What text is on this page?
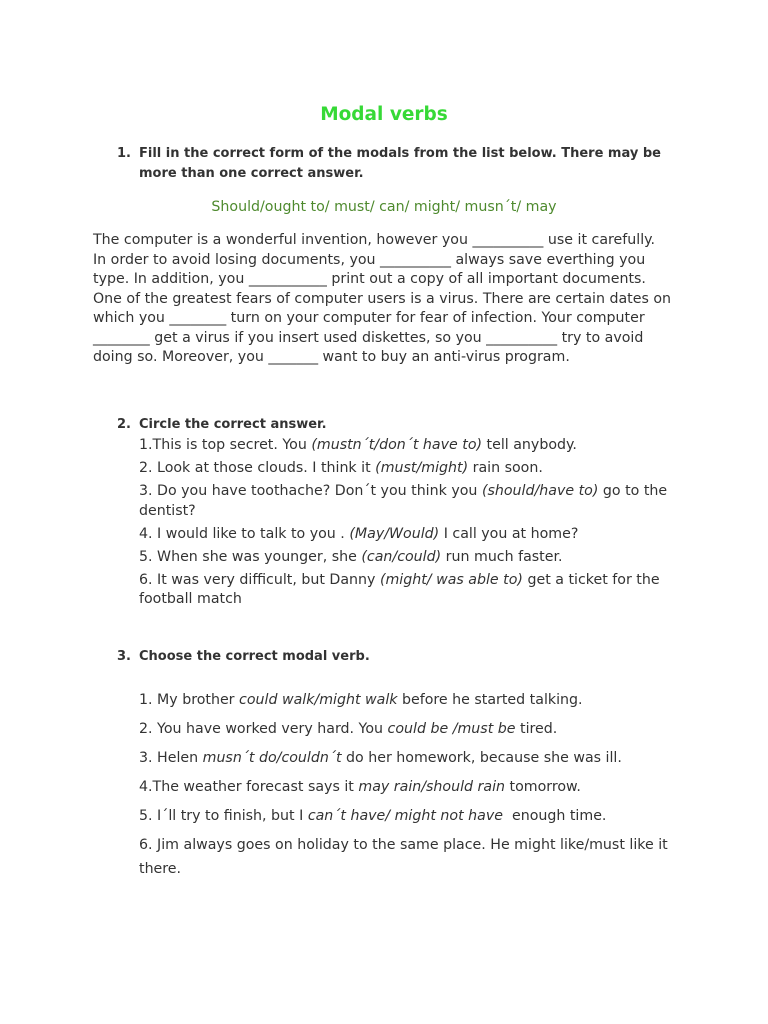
Modal verbs
1. Fill in the correct form of the modals from the list below. There may be
more than one correct answer.
Should/ought to/ must/ can/ might/ musn´t/ may
The computer is a wonderful invention, however you __________ use it carefully.
In order to avoid losing documents, you __________ always save everthing you
type. In addition, you ___________ print out a copy of all important documents.
One of the greatest fears of computer users is a virus. There are certain dates on
which you ________ turn on your computer for fear of infection. Your computer
________ get a virus if you insert used diskettes, so you __________ try to avoid
doing so. Moreover, you _______ want to buy an anti-virus program.
2. Circle the correct answer.
1.This is top secret. You (mustn´t/don´t have to) tell anybody.
2. Look at those clouds. I think it (must/might) rain soon.
3. Do you have toothache? Don´t you think you (should/have to) go to the dentist?
4. I would like to talk to you . (May/Would) I call you at home?
5. When she was younger, she (can/could) run much faster.
6. It was very difficult, but Danny (might/ was able to) get a ticket for the football match
3. Choose the correct modal verb.
1. My brother could walk/might walk before he started talking.
2. You have worked very hard. You could be /must be tired.
3. Helen musn´t do/couldn´t do her homework, because she was ill.
4.The weather forecast says it may rain/should rain tomorrow.
5. I´ll try to finish, but I can´t have/ might not have  enough time.
6. Jim always goes on holiday to the same place. He might like/must like it there.
